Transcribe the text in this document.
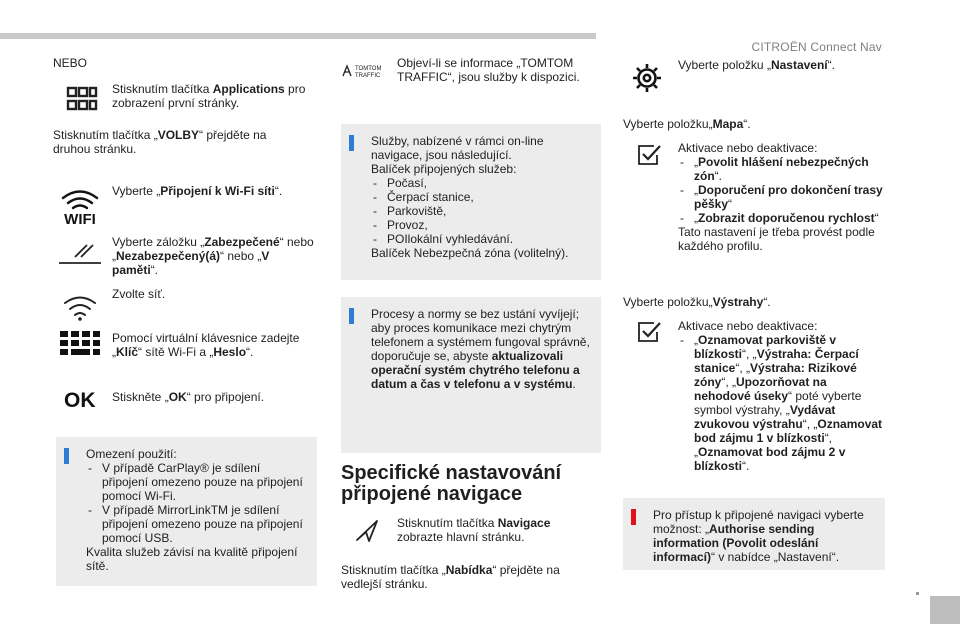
CITROËN Connect Nav
15
NEBO
Stisknutím tlačítka Applications pro zobrazení první stránky.
Stisknutím tlačítka „VOLBY“ přejděte na druhou stránku.
WIFI
Vyberte „Připojení k Wi-Fi síti“.
Vyberte záložku „Zabezpečené“ nebo „Nezabezpečený(á)“ nebo „V paměti“.
Zvolte síť.
Pomocí virtuální klávesnice zadejte „Klíč“ sítě Wi-Fi a „Heslo“.
OK Stiskněte „OK“ pro připojení.
Omezení použití:
- V případě CarPlay® je sdílení připojení omezeno pouze na připojení pomocí Wi-Fi.
- V případě MirrorLinkTM je sdílení připojení omezeno pouze na připojení pomocí USB.
Kvalita služeb závisí na kvalitě připojení sítě.
TOMTOM
TRAFFIC
Objeví-li se informace „TOMTOM TRAFFIC“, jsou služby k dispozici.
Služby, nabízené v rámci on-line navigace, jsou následující.
Balíček připojených služeb:
- Počasí,
- Čerpací stanice,
- Parkoviště,
- Provoz,
- POIlokální vyhledávání.
Balíček Nebezpečná zóna (volitelný).
Procesy a normy se bez ustání vyvíjejí; aby proces komunikace mezi chytrým telefonem a systémem fungoval správně, doporučuje se, abyste aktualizovali operační systém chytrého telefonu a datum a čas v telefonu a v systému.
Specifické nastavování
připojené navigace
Stisknutím tlačítka Navigace zobrazte hlavní stránku.
Stisknutím tlačítka „Nabídka“ přejděte na vedlejší stránku.
Vyberte položku „Nastavení“.
Vyberte položku„Mapa“.
Aktivace nebo deaktivace:
- „Povolit hlášení nebezpečných zón“.
- „Doporučení pro dokončení trasy pěšky“
- „Zobrazit doporučenou rychlost“
Tato nastavení je třeba provést podle každého profilu.
Vyberte položku„Výstrahy“.
Aktivace nebo deaktivace:
- „Oznamovat parkoviště v blízkosti“, „Výstraha: Čerpací stanice“, „Výstraha: Rizikové zóny“, „Upozorňovat na nehodové úseky“ poté vyberte symbol výstrahy, „Vydávat zvukovou výstrahu“, „Oznamovat bod zájmu 1 v blízkosti“, „Oznamovat bod zájmu 2 v blízkosti“.
Pro přístup k připojené navigaci vyberte možnost: „Authorise sending information (Povolit odeslání informací)“ v nabídce „Nastavení“.
